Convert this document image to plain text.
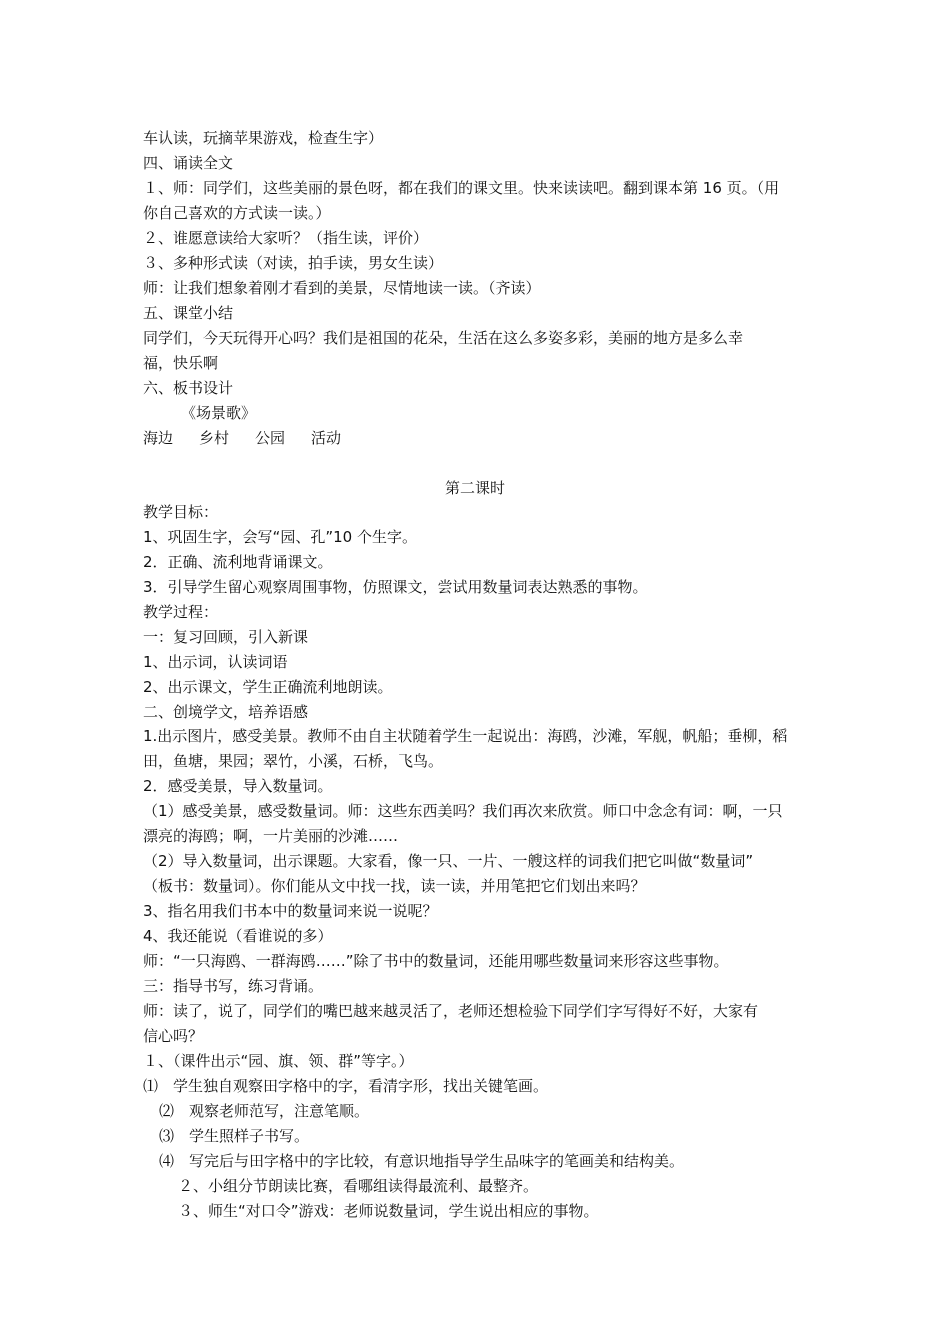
车认读，玩摘苹果游戏，检查生字）
四、诵读全文
１、师：同学们，这些美丽的景色呀，都在我们的课文里。快来读读吧。翻到课本第 16 页。（用
你自己喜欢的方式读一读。）
２、谁愿意读给大家听？（指生读，评价）
３、多种形式读（对读，拍手读，男女生读）
师：让我们想象着刚才看到的美景，尽情地读一读。（齐读）
五、课堂小结
同学们，今天玩得开心吗？我们是祖国的花朵，生活在这么多姿多彩，美丽的地方是多么幸
福，快乐啊
六、板书设计
《场景歌》
海边 乡村 公园 活动
第二课时
教学目标：
1、巩固生字，会写“园、孔”10 个生字。
2．正确、流利地背诵课文。
3．引导学生留心观察周围事物，仿照课文，尝试用数量词表达熟悉的事物。
教学过程：
一：复习回顾，引入新课
1、出示词，认读词语
2、出示课文，学生正确流利地朗读。
二、创境学文，培养语感
1.出示图片，感受美景。教师不由自主状随着学生一起说出：海鸥，沙滩，军舰，帆船；垂柳，稻
田，鱼塘，果园；翠竹，小溪，石桥，飞鸟。
2．感受美景，导入数量词。
（1）感受美景，感受数量词。师：这些东西美吗？我们再次来欣赏。师口中念念有词：啊，一只
漂亮的海鸥；啊，一片美丽的沙滩……
（2）导入数量词，出示课题。大家看，像一只、一片、一艘这样的词我们把它叫做“数量词”
（板书：数量词）。你们能从文中找一找，读一读，并用笔把它们划出来吗？
3、指名用我们书本中的数量词来说一说呢？
4、我还能说（看谁说的多）
师：“一只海鸥、一群海鸥……”除了书中的数量词，还能用哪些数量词来形容这些事物。
三：指导书写，练习背诵。
师：读了，说了，同学们的嘴巴越来越灵活了，老师还想检验下同学们字写得好不好，大家有
信心吗？
１、（课件出示“园、旗、领、群”等字。）
⑴　学生独自观察田字格中的字，看清字形，找出关键笔画。
⑵　观察老师范写，注意笔顺。
⑶　学生照样子书写。
⑷　写完后与田字格中的字比较，有意识地指导学生品味字的笔画美和结构美。
２、小组分节朗读比赛，看哪组读得最流利、最整齐。
３、师生“对口令”游戏：老师说数量词，学生说出相应的事物。
